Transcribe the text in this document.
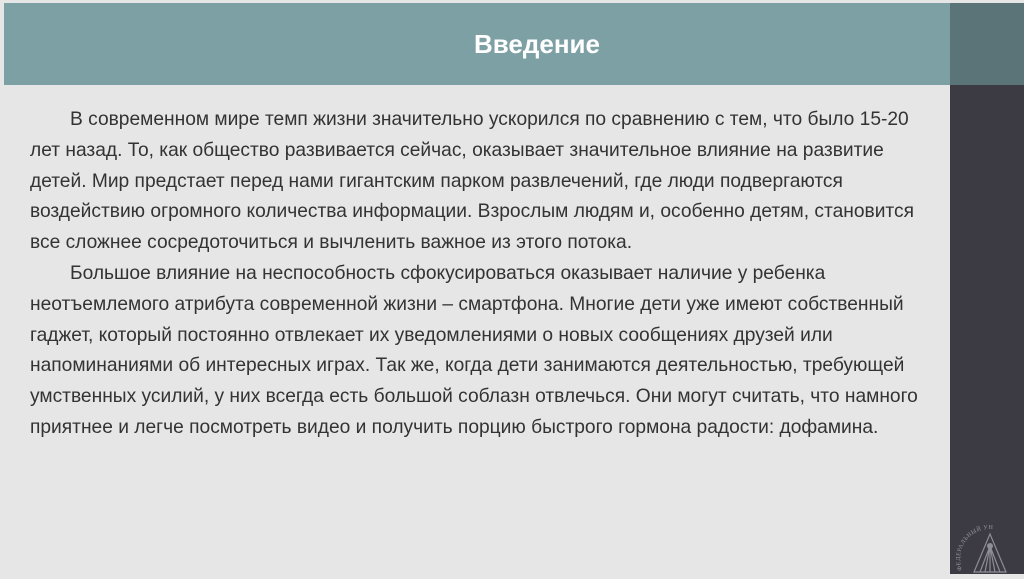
Введение
ФЕДЕРАЛЬНЫЙ УН

В современном мире темп жизни значительно ускорился по сравнению с тем, что было 15-20 лет назад. То, как общество развивается сейчас, оказывает значительное влияние на развитие детей. Мир предстает перед нами гигантским парком развлечений, где люди подвергаются воздействию огромного количества информации. Взрослым людям и, особенно детям, становится все сложнее сосредоточиться и вычленить важное из этого потока.

Большое влияние на неспособность сфокусироваться оказывает наличие у ребенка неотъемлемого атрибута современной жизни – смартфона. Многие дети уже имеют собственный гаджет, который постоянно отвлекает их уведомлениями о новых сообщениях друзей или напоминаниями об интересных играх. Так же, когда дети занимаются деятельностью, требующей умственных усилий, у них всегда есть большой соблазн отвлечься. Они могут считать, что намного приятнее и легче посмотреть видео и получить порцию быстрого гормона радости: дофамина.
